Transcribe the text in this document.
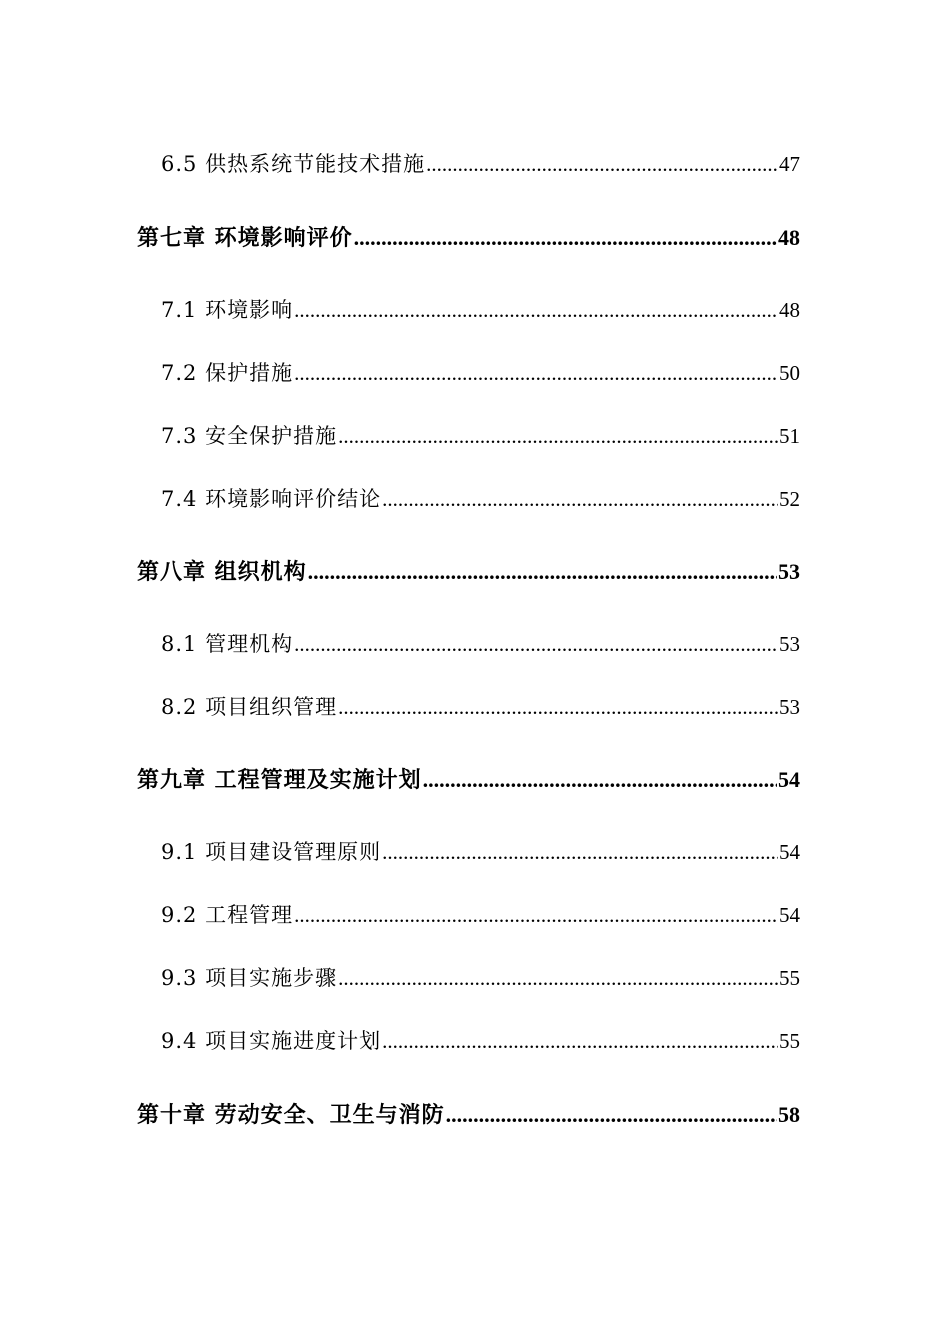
6.5 供热系统节能技术措施 .....	47
第七章 环境影响评价 .....	48
7.1 环境影响 .....	48
7.2 保护措施 .....	50
7.3 安全保护措施 .....	51
7.4 环境影响评价结论 .....	52
第八章 组织机构 .....	53
8.1 管理机构 .....	53
8.2 项目组织管理 .....	53
第九章 工程管理及实施计划 .....	54
9.1 项目建设管理原则 .....	54
9.2 工程管理 .....	54
9.3 项目实施步骤 .....	55
9.4 项目实施进度计划 .....	55
第十章 劳动安全、卫生与消防 .....	58
